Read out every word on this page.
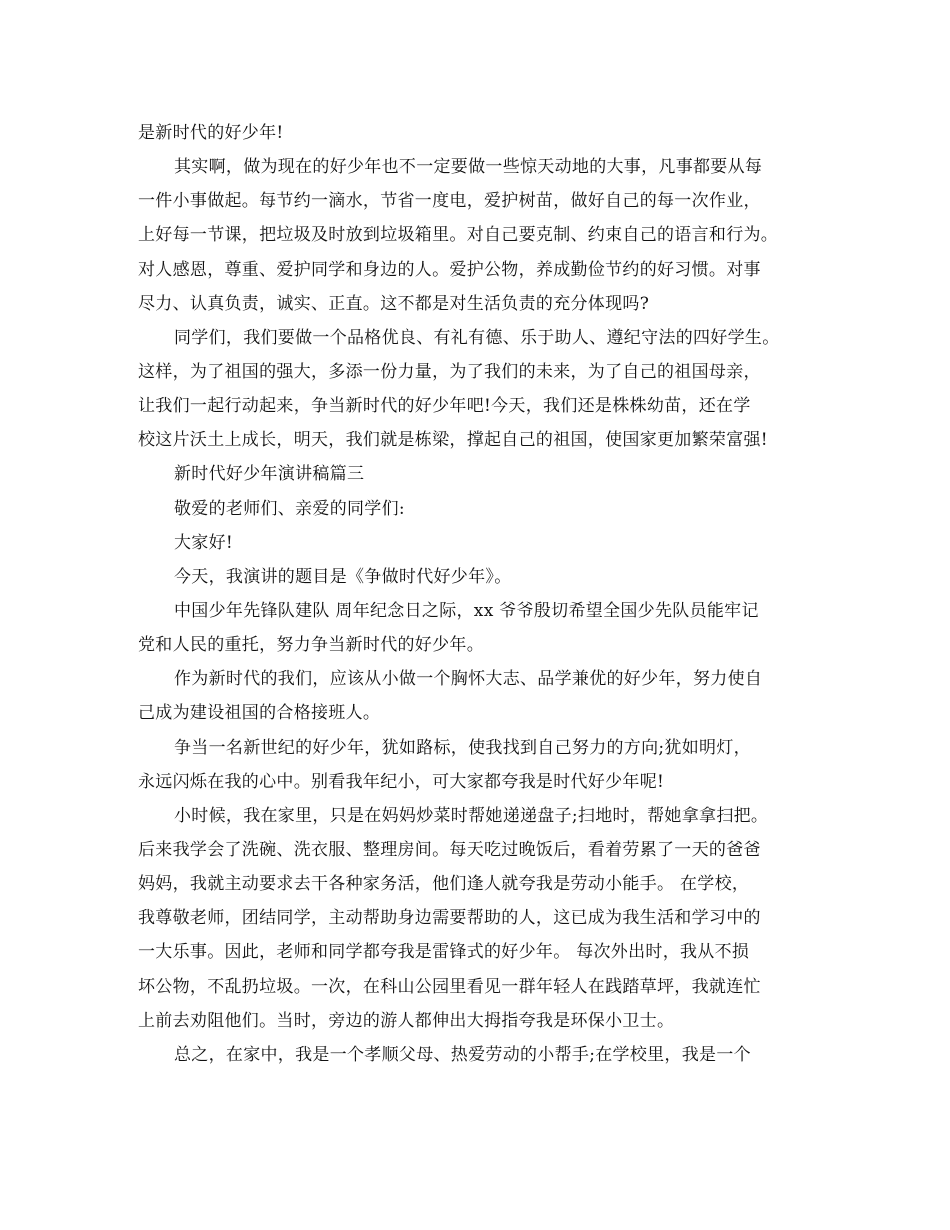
是新时代的好少年!
其实啊，做为现在的好少年也不一定要做一些惊天动地的大事，凡事都要从每
一件小事做起。每节约一滴水，节省一度电，爱护树苗，做好自己的每一次作业，
上好每一节课，把垃圾及时放到垃圾箱里。对自己要克制、约束自己的语言和行为。
对人感恩，尊重、爱护同学和身边的人。爱护公物，养成勤俭节约的好习惯。对事
尽力、认真负责，诚实、正直。这不都是对生活负责的充分体现吗?
同学们，我们要做一个品格优良、有礼有德、乐于助人、遵纪守法的四好学生。
这样，为了祖国的强大，多添一份力量，为了我们的未来，为了自己的祖国母亲，
让我们一起行动起来，争当新时代的好少年吧!今天，我们还是株株幼苗，还在学
校这片沃土上成长，明天，我们就是栋梁，撑起自己的祖国，使国家更加繁荣富强!
新时代好少年演讲稿篇三
敬爱的老师们、亲爱的同学们:
大家好!
今天，我演讲的题目是《争做时代好少年》。
中国少年先锋队建队 周年纪念日之际，xx 爷爷殷切希望全国少先队员能牢记
党和人民的重托，努力争当新时代的好少年。
作为新时代的我们，应该从小做一个胸怀大志、品学兼优的好少年，努力使自
己成为建设祖国的合格接班人。
争当一名新世纪的好少年，犹如路标，使我找到自己努力的方向;犹如明灯，
永远闪烁在我的心中。别看我年纪小，可大家都夸我是时代好少年呢!
小时候，我在家里，只是在妈妈炒菜时帮她递递盘子;扫地时，帮她拿拿扫把。
后来我学会了洗碗、洗衣服、整理房间。每天吃过晚饭后，看着劳累了一天的爸爸
妈妈，我就主动要求去干各种家务活，他们逢人就夸我是劳动小能手。 在学校，
我尊敬老师，团结同学，主动帮助身边需要帮助的人，这已成为我生活和学习中的
一大乐事。因此，老师和同学都夸我是雷锋式的好少年。 每次外出时，我从不损
坏公物，不乱扔垃圾。一次，在科山公园里看见一群年轻人在践踏草坪，我就连忙
上前去劝阻他们。当时，旁边的游人都伸出大拇指夸我是环保小卫士。
总之，在家中，我是一个孝顺父母、热爱劳动的小帮手;在学校里，我是一个
